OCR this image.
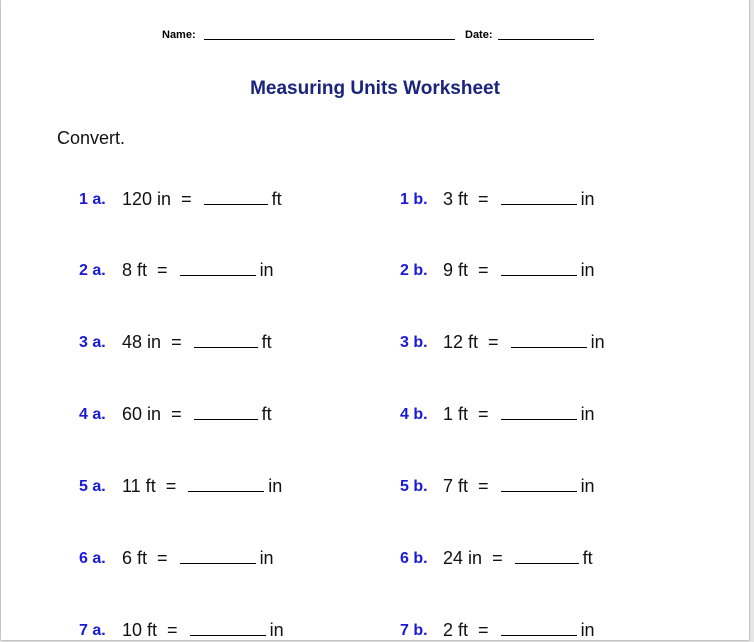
Name:	Date:
Measuring Units Worksheet
Convert.
1 a. 120 in =	ft	1 b. 3 ft =	in
2 a. 8 ft =	in	2 b. 9 ft =	in
3 a. 48 in =	ft	3 b. 12 ft =	in
4 a. 60 in =	ft	4 b. 1 ft =	in
5 a. 11 ft =	in	5 b. 7 ft =	in
6 a. 6 ft =	in	6 b. 24 in =	ft
7 a. 10 ft =	in	7 b. 2 ft =	in
